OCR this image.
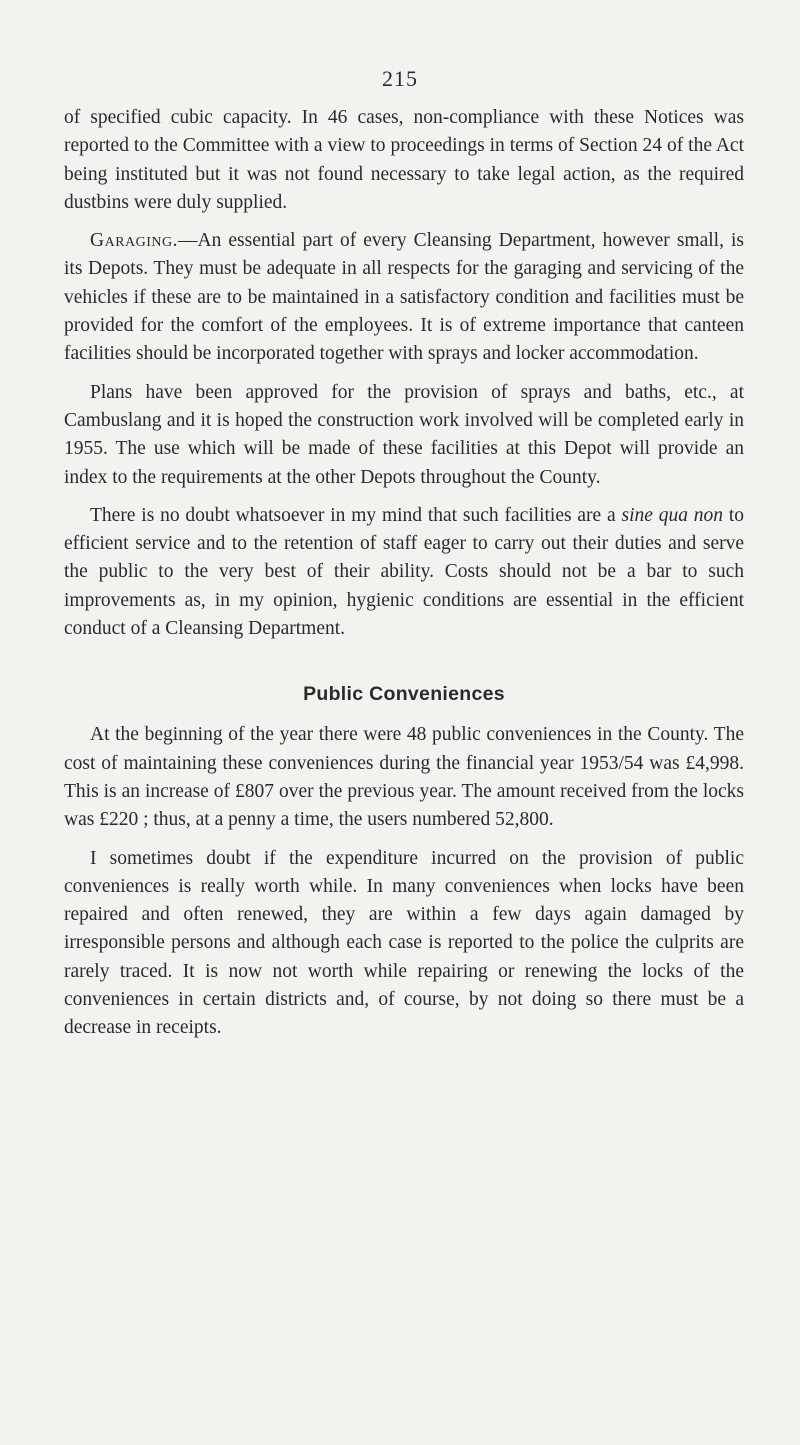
215

of specified cubic capacity. In 46 cases, non-compliance with these Notices was reported to the Committee with a view to proceedings in terms of Section 24 of the Act being instituted but it was not found necessary to take legal action, as the required dustbins were duly supplied.

Garaging.—An essential part of every Cleansing Department, however small, is its Depots. They must be adequate in all respects for the garaging and servicing of the vehicles if these are to be maintained in a satisfactory condition and facilities must be provided for the comfort of the employees. It is of extreme importance that canteen facilities should be incorporated together with sprays and locker accommodation.

Plans have been approved for the provision of sprays and baths, etc., at Cambuslang and it is hoped the construction work involved will be completed early in 1955. The use which will be made of these facilities at this Depot will provide an index to the requirements at the other Depots throughout the County.

There is no doubt whatsoever in my mind that such facilities are a sine qua non to efficient service and to the retention of staff eager to carry out their duties and serve the public to the very best of their ability. Costs should not be a bar to such improvements as, in my opinion, hygienic conditions are essential in the efficient conduct of a Cleansing Department.

Public Conveniences

At the beginning of the year there were 48 public conveniences in the County. The cost of maintaining these conveniences during the financial year 1953/54 was £4,998. This is an increase of £807 over the previous year. The amount received from the locks was £220 ; thus, at a penny a time, the users numbered 52,800.

I sometimes doubt if the expenditure incurred on the provision of public conveniences is really worth while. In many conveniences when locks have been repaired and often renewed, they are within a few days again damaged by irresponsible persons and although each case is reported to the police the culprits are rarely traced. It is now not worth while repairing or renewing the locks of the conveniences in certain districts and, of course, by not doing so there must be a decrease in receipts.
